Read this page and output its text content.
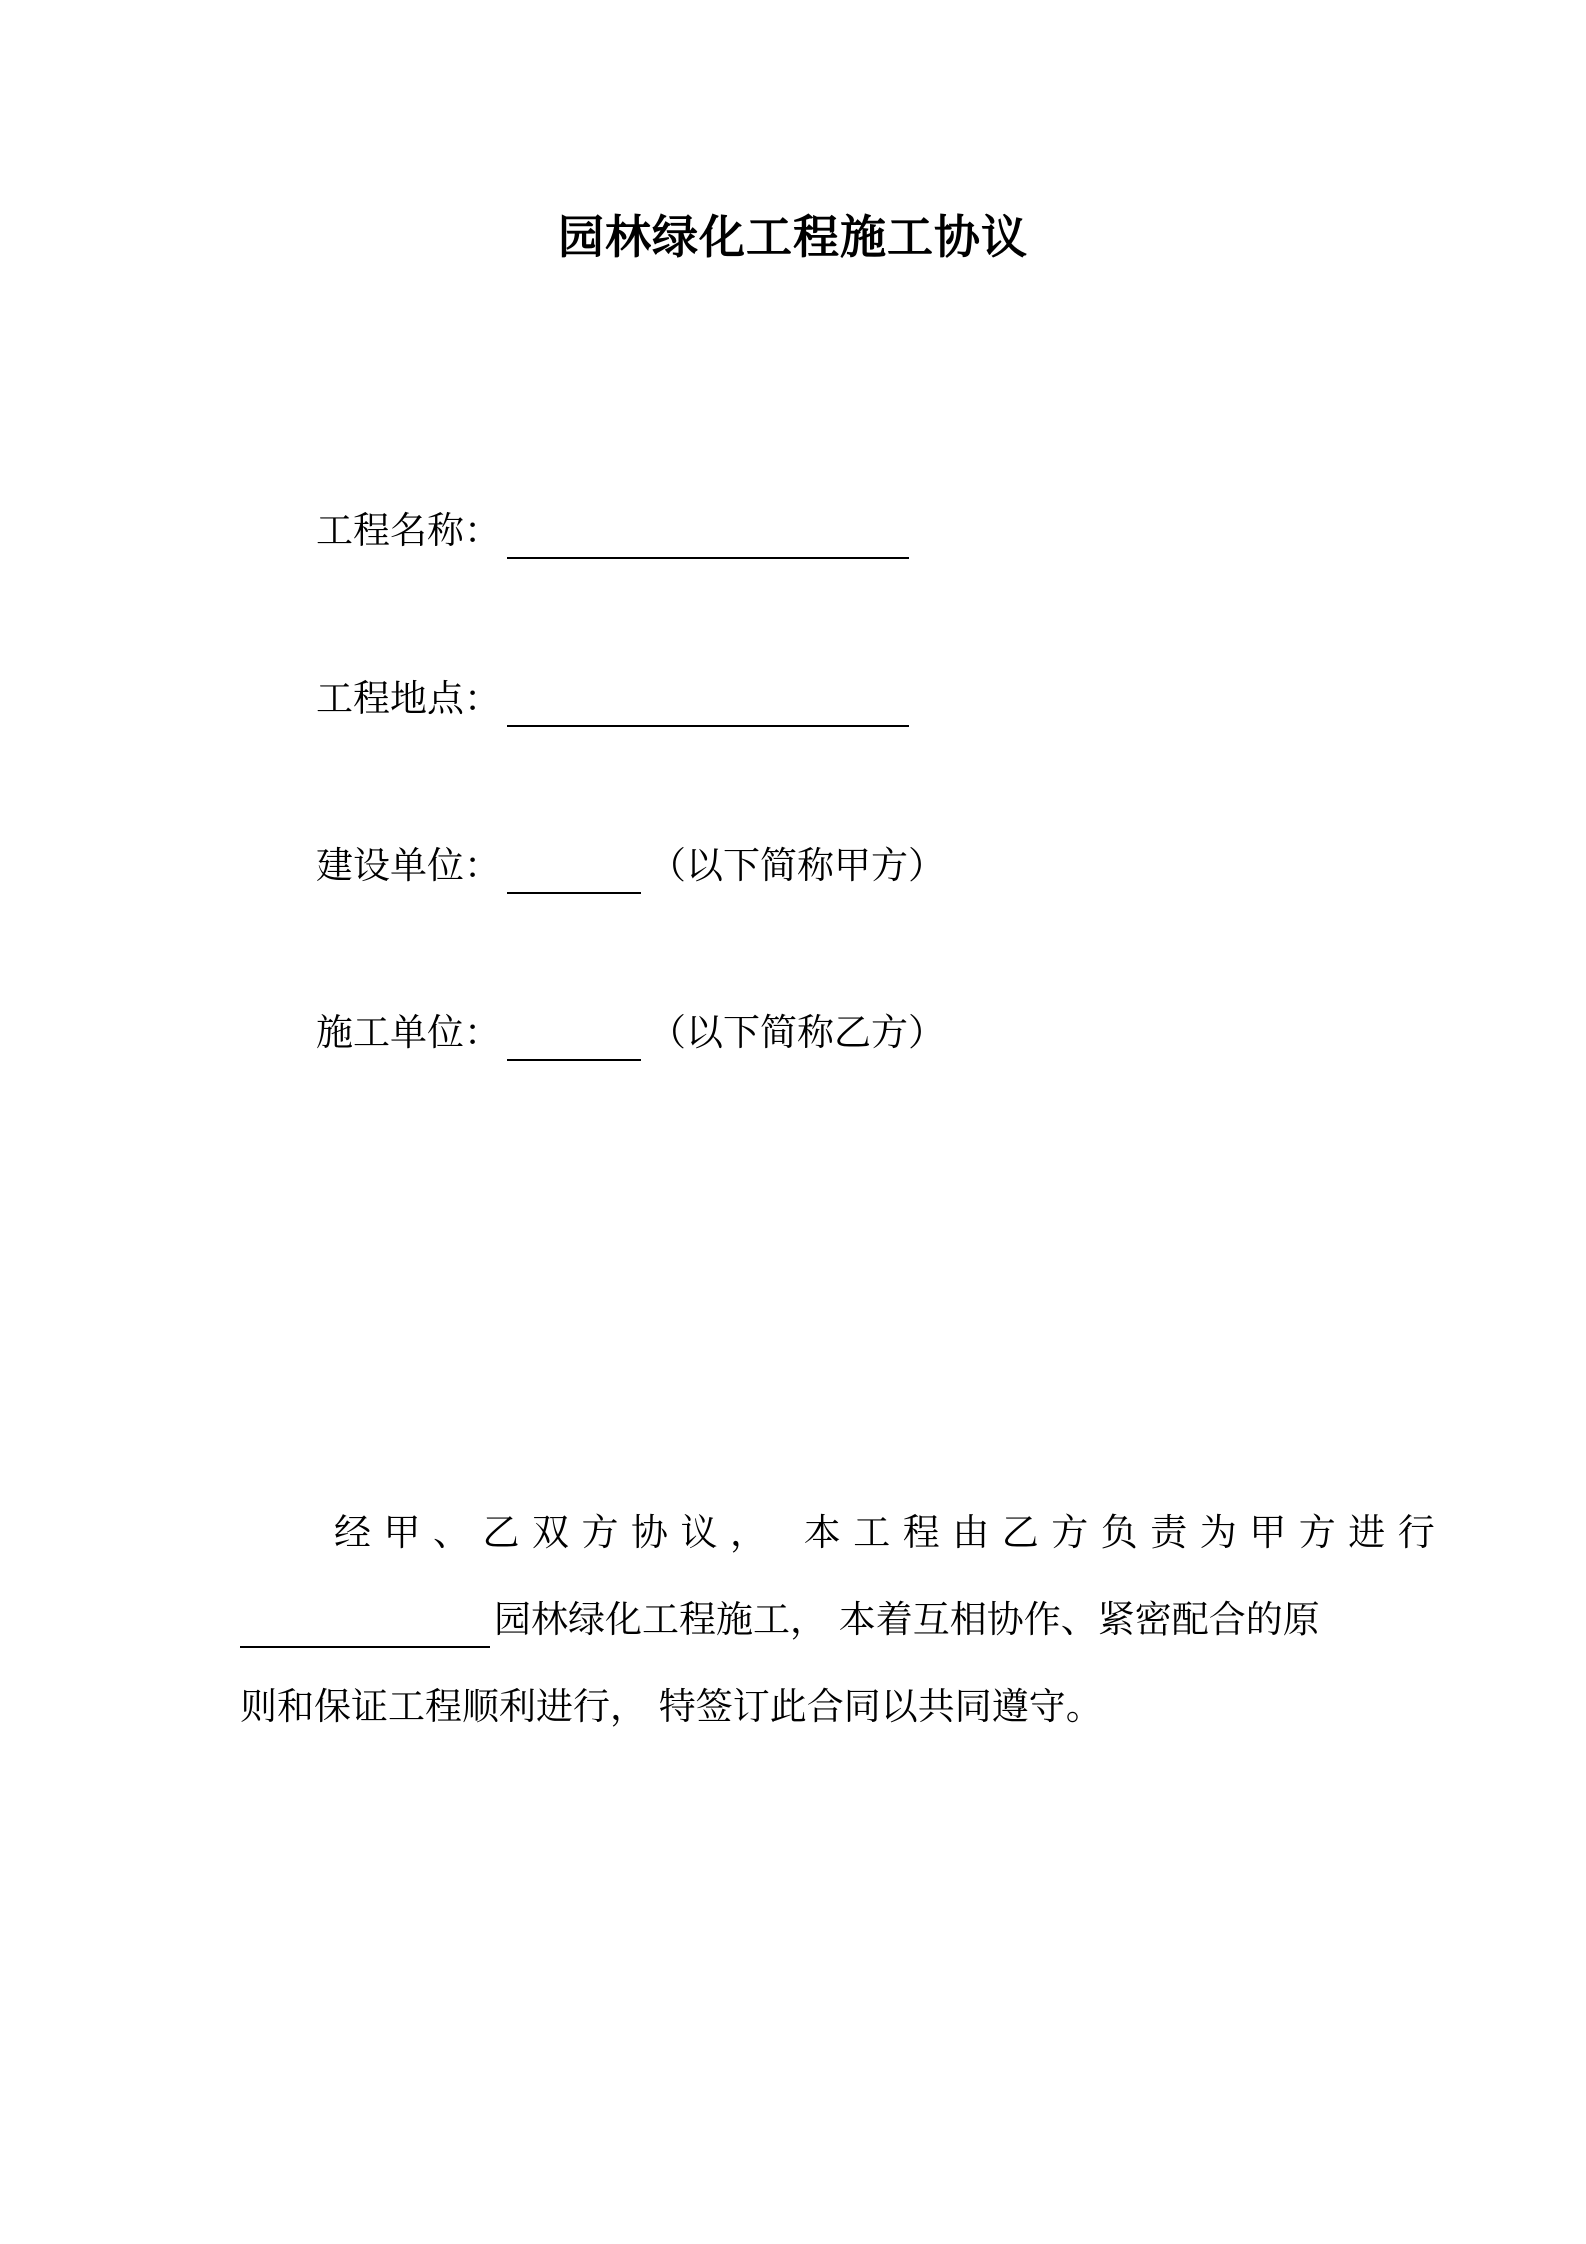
园林绿化工程施工协议
工程名称：
工程地点：
建设单位：	（以下简称甲方）
施工单位：	（以下简称乙方）
经甲、乙双方协议， 本工程由乙方负责为甲方进行
园林绿化工程施工， 本着互相协作、紧密配合的原
则和保证工程顺利进行， 特签订此合同以共同遵守。
